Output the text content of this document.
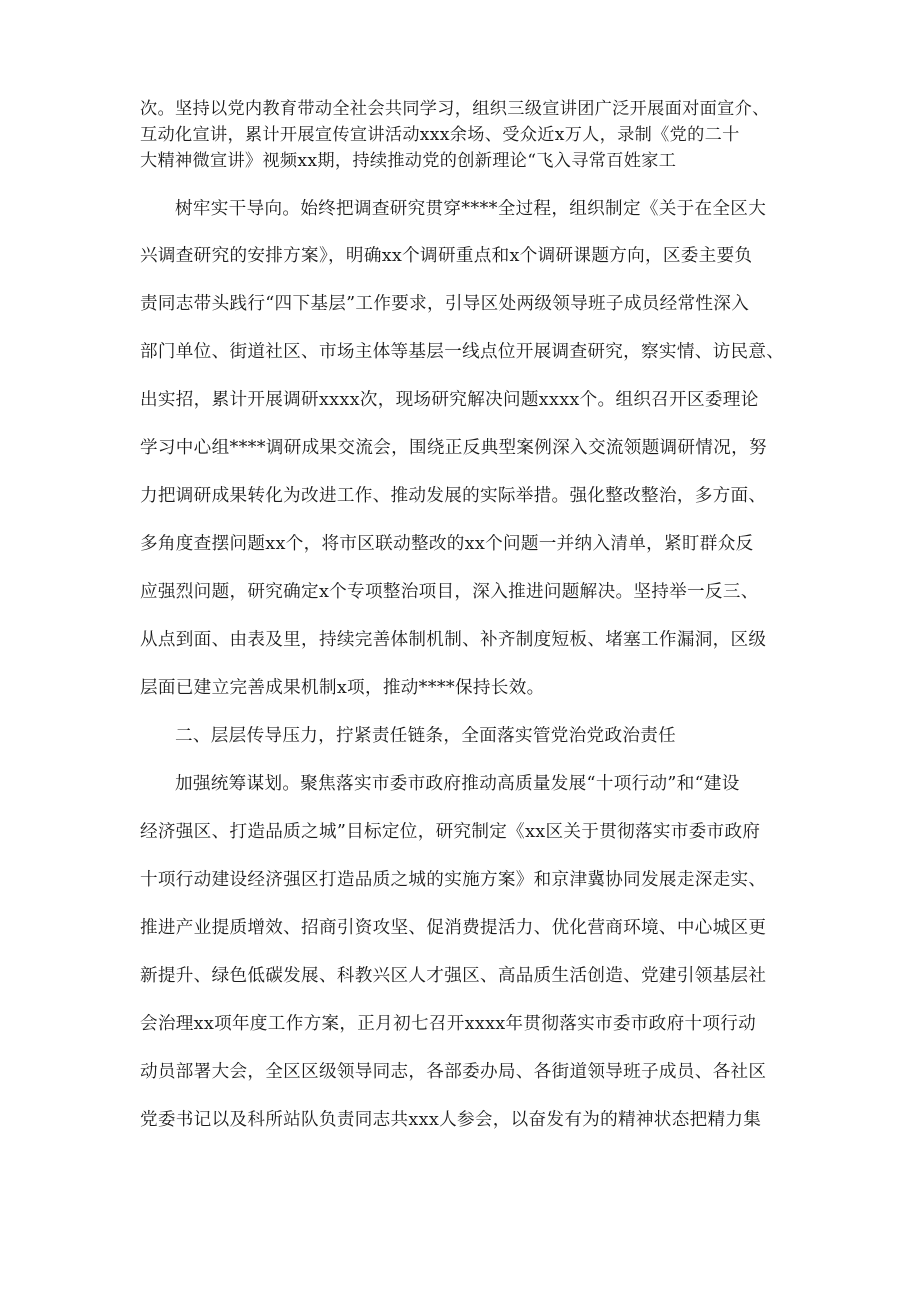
次。坚持以党内教育带动全社会共同学习，组织三级宣讲团广泛开展面对面宣介、

互动化宣讲，累计开展宣传宣讲活动xxx余场、受众近x万人，录制《党的二十

大精神微宣讲》视频xx期，持续推动党的创新理论“飞入寻常百姓家工

树牢实干导向。始终把调查研究贯穿****全过程，组织制定《关于在全区大

兴调查研究的安排方案》，明确xx个调研重点和x个调研课题方向，区委主要负

责同志带头践行“四下基层”工作要求，引导区处两级领导班子成员经常性深入

部门单位、街道社区、市场主体等基层一线点位开展调查研究，察实情、访民意、

出实招，累计开展调研xxxx次，现场研究解决问题xxxx个。组织召开区委理论

学习中心组****调研成果交流会，围绕正反典型案例深入交流领题调研情况，努

力把调研成果转化为改进工作、推动发展的实际举措。强化整改整治，多方面、

多角度查摆问题xx个，将市区联动整改的xx个问题一并纳入清单，紧盯群众反

应强烈问题，研究确定x个专项整治项目，深入推进问题解决。坚持举一反三、

从点到面、由表及里，持续完善体制机制、补齐制度短板、堵塞工作漏洞，区级

层面已建立完善成果机制x项，推动****保持长效。

二、层层传导压力，拧紧责任链条，全面落实管党治党政治责任

加强统筹谋划。聚焦落实市委市政府推动高质量发展“十项行动”和“建设

经济强区、打造品质之城”目标定位，研究制定《xx区关于贯彻落实市委市政府

十项行动建设经济强区打造品质之城的实施方案》和京津冀协同发展走深走实、

推进产业提质增效、招商引资攻坚、促消费提活力、优化营商环境、中心城区更

新提升、绿色低碳发展、科教兴区人才强区、高品质生活创造、党建引领基层社

会治理xx项年度工作方案，正月初七召开xxxx年贯彻落实市委市政府十项行动

动员部署大会，全区区级领导同志，各部委办局、各街道领导班子成员、各社区

党委书记以及科所站队负责同志共xxx人参会，以奋发有为的精神状态把精力集
